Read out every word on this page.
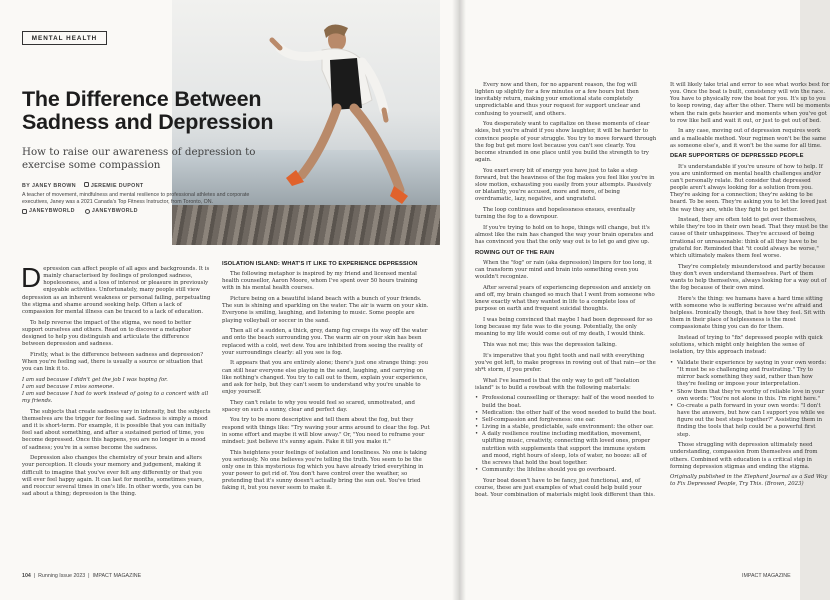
MENTAL HEALTH
The Difference Between Sadness and Depression

How to raise our awareness of depression to exercise some compassion

BY JANEY BROWN	JEREMIE DUPONT
A teacher of movement, mindfulness and mental resilience to professional athletes and corporate executives, Janey was a 2021 Canada's Top Fitness Instructor, from Toronto, ON.
JANEYBWORLD	JANEYBWORLD

Depression can affect people of all ages and backgrounds. It is mainly characterised by feelings of prolonged sadness, hopelessness, and a loss of interest or pleasure in previously enjoyable activities. Unfortunately, many people still view depression as an inherent weakness or personal failing, perpetuating the stigma and shame around seeking help. Often a lack of compassion for mental illness can be traced to a lack of education.

To help reverse the impact of the stigma, we need to better support ourselves and others. Read on to discover a metaphor designed to help you distinguish and articulate the difference between depression and sadness.

Firstly, what is the difference between sadness and depression? When you're feeling sad, there is usually a source or situation that you can link it to.

I am sad because I didn't get the job I was hoping for.

I am sad because I miss someone.

I am sad because I had to work instead of going to a concert with all my friends.

The subjects that create sadness vary in intensity, but the subjects themselves are the trigger for feeling sad. Sadness is simply a mood and it is short-term. For example, it is possible that you can initially feel sad about something, and after a sustained period of time, you become depressed. Once this happens, you are no longer in a mood of sadness; you're in a sense become the sadness.

Depression also changes the chemistry of your brain and alters your perception. It clouds your memory and judgement, making it difficult to imagine that you've ever felt any differently or that you will ever feel happy again. It can last for months, sometimes years, and reoccur several times in one's life. In other words, you can be sad about a thing; depression is the thing.

ISOLATION ISLAND: WHAT'S IT LIKE TO EXPERIENCE DEPRESSION

The following metaphor is inspired by my friend and licensed mental health counsellor, Aaron Moore, whom I've spent over 50 hours training with in his mental health courses.

Picture being on a beautiful island beach with a bunch of your friends. The sun is shining and sparkling on the water. The air is warm on your skin. Everyone is smiling, laughing, and listening to music. Some people are playing volleyball or soccer in the sand.

Then all of a sudden, a thick, grey, damp fog creeps its way off the water and onto the beach surrounding you. The warm air on your skin has been replaced with a cold, wet dew. You are inhibited from seeing the reality of your surroundings clearly: all you see is fog.

It appears that you are entirely alone; there's just one strange thing: you can still hear everyone else playing in the sand, laughing, and carrying on like nothing's changed. You try to call out to them, explain your experience, and ask for help, but they can't seem to understand why you're unable to enjoy yourself.

They can't relate to why you would feel so scared, unmotivated, and spacey on such a sunny, clear and perfect day.

You try to be more descriptive and tell them about the fog, but they respond with things like: "Try waving your arms around to clear the fog. Put in some effort and maybe it will blow away." Or, "You need to reframe your mindset: just believe it's sunny again. Fake it till you make it."

This heightens your feelings of isolation and loneliness. No one is taking you seriously. No one believes you're telling the truth. You seem to be the only one in this mysterious fog which you have already tried everything in your power to get rid of. You don't have control over the weather, so pretending that it's sunny doesn't actually bring the sun out. You've tried faking it, but you never seem to make it.

Every now and then, for no apparent reason, the fog will lighten up slightly for a few minutes or a few hours but then inevitably return, making your emotional state completely unpredictable and thus your request for support unclear and confusing to yourself, and others.

You desperately want to capitalize on these moments of clear skies, but you're afraid if you show laughter, it will be harder to convince people of your struggle. You try to move forward through the fog but get more lost because you can't see clearly. You become stranded in one place until you build the strength to try again.

You exert every bit of energy you have just to take a step forward, but the heaviness of the fog makes you feel like you're in slow motion, exhausting you easily from your attempts. Passively or blatantly, you're accused, more and more, of being overdramatic, lazy, negative, and ungrateful.

The loop continues and hopelessness ensues, eventually turning the fog to a downpour.

If you're trying to hold on to hope, things will change, but it's almost like the rain has changed the way your brain operates and has convinced you that the only way out is to let go and give up.

ROWING OUT OF THE RAIN

When the "fog" or rain (aka depression) lingers for too long, it can transform your mind and brain into something even you wouldn't recognize.

After several years of experiencing depression and anxiety on and off, my brain changed so much that I went from someone who knew exactly what they wanted in life to a complete loss of purpose on earth and frequent suicidal thoughts.

I was being convinced that maybe I had been depressed for so long because my fate was to die young. Potentially, the only meaning to my life would come out of my death, I would think.

This was not me; this was the depression talking.

It's imperative that you fight tooth and nail with everything you've got left, to make progress in rowing out of that rain—or the sh*t storm, if you prefer.

What I've learned is that the only way to get off "isolation island" is to build a rowboat with the following materials:

• Professional counselling or therapy: half of the wood needed to build the boat.
• Medication: the other half of the wood needed to build the boat.
• Self-compassion and forgiveness: one oar.
• Living in a stable, predictable, safe environment: the other oar.
• A daily resilience routine including meditation, movement, uplifting music, creativity, connecting with loved ones, proper nutrition with supplements that support the immune system and mood, right hours of sleep, lots of water, no booze: all of the screws that hold the boat together.
• Community: the lifeline should you go overboard.

Your boat doesn't have to be fancy, just functional, and, of course, these are just examples of what could help build your boat. Your combination of materials might look different than this.

It will likely take trial and error to see what works best for you. Once the boat is built, consistency will win the race. You have to physically row the boat for you. It's up to you to keep rowing, day after the other. There will be moments when the rain gets heavier and moments when you've got to row like hell and wait it out, or just to get out of bed.

In any case, moving out of depression requires work and a malleable method. Your regimen won't be the same as someone else's, and it won't be the same for all time.

DEAR SUPPORTERS OF DEPRESSED PEOPLE

It's understandable if you're unsure of how to help. If you are uninformed on mental health challenges and/or can't personally relate. But consider that depressed people aren't always looking for a solution from you. They're asking for a connection; they're asking to be heard. To be seen. They're asking you to let the loved just the way they are, while they fight to get better.

Instead, they are often told to get over themselves, while they're too in their own head. That they must be the cause of their unhappiness. They're accused of being irrational or unreasonable: think of all they have to be grateful for. Reminded that "it could always be worse," which ultimately makes them feel worse.

They're completely misunderstood and partly because they don't even understand themselves. Part of them wants to help themselves, always looking for a way out of the fog because of their own mind.

Here's the thing: we humans have a hard time sitting with someone who is suffering because we're afraid and helpless. Ironically though, that is how they feel. Sit with them in their place of helplessness is the most compassionate thing you can do for them.

Instead of trying to "fix" depressed people with quick solutions, which might only heighten the sense of isolation, try this approach instead:

• Validate their experience by saying in your own words: "It must be so challenging and frustrating." Try to mirror back something they said, rather than how they're feeling or impose your interpretation.
• Show them that they're worthy of reliable love in your own words: "You're not alone in this. I'm right here."
• Co-create a path forward in your own words: "I don't have the answers, but how can I support you while we figure out the best steps together?" Assisting them in finding the tools that help could be a powerful first step.

Those struggling with depression ultimately need understanding, compassion from themselves and from others. Combined with education is a critical step in forming depression stigmas and ending the stigma.

Originally published in the Elephant Journal as a Sad Way to Fix Depressed People, Try This. (Brown, 2023)

104  |  Running Issue 2023  |  IMPACT MAGAZINE	IMPACT MAGAZINE
